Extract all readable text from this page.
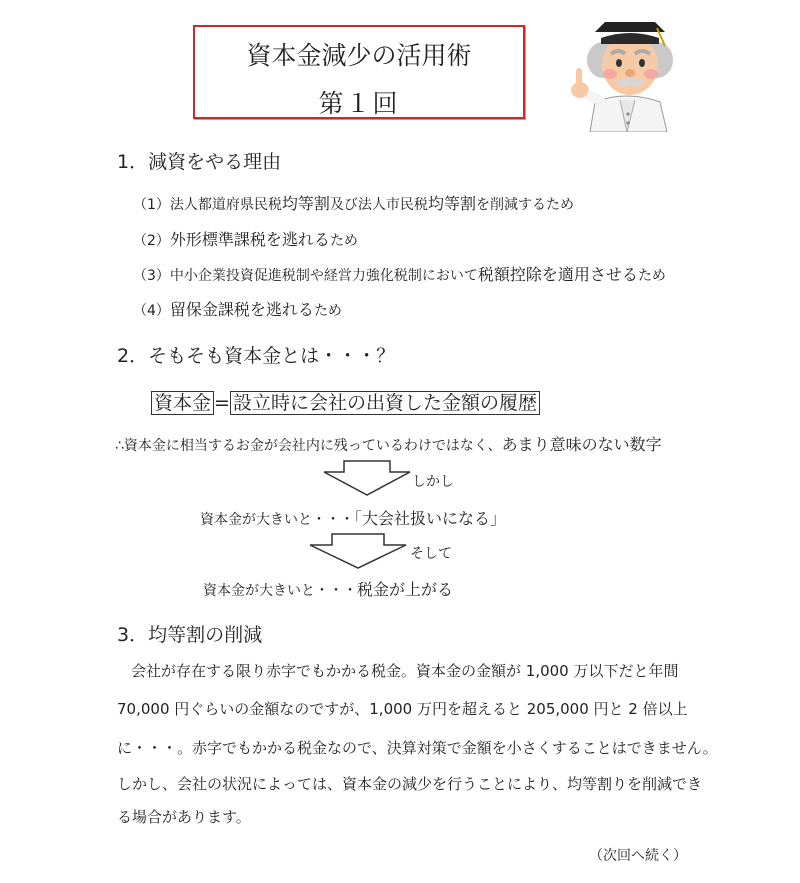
資本金減少の活用術
第１回
1．減資をやる理由
（1）法人都道府県民税均等割及び法人市民税均等割を削減するため
（2）外形標準課税を逃れるため
（3）中小企業投資促進税制や経営力強化税制において税額控除を適用させるため
（4）留保金課税を逃れるため
2．そもそも資本金とは・・・？
資本金 = 設立時に会社の出資した金額の履歴
∴資本金に相当するお金が会社内に残っているわけではなく、あまり意味のない数字
しかし
資本金が大きいと・・・「大会社扱いになる」
そして
資本金が大きいと・・・税金が上がる
3．均等割の削減
会社が存在する限り赤字でもかかる税金。資本金の金額が 1,000 万以下だと年間
70,000 円ぐらいの金額なのですが、1,000 万円を超えると 205,000 円と 2 倍以上
に・・・。赤字でもかかる税金なので、決算対策で金額を小さくすることはできません。
しかし、会社の状況によっては、資本金の減少を行うことにより、均等割りを削減でき
る場合があります。
（次回へ続く）
